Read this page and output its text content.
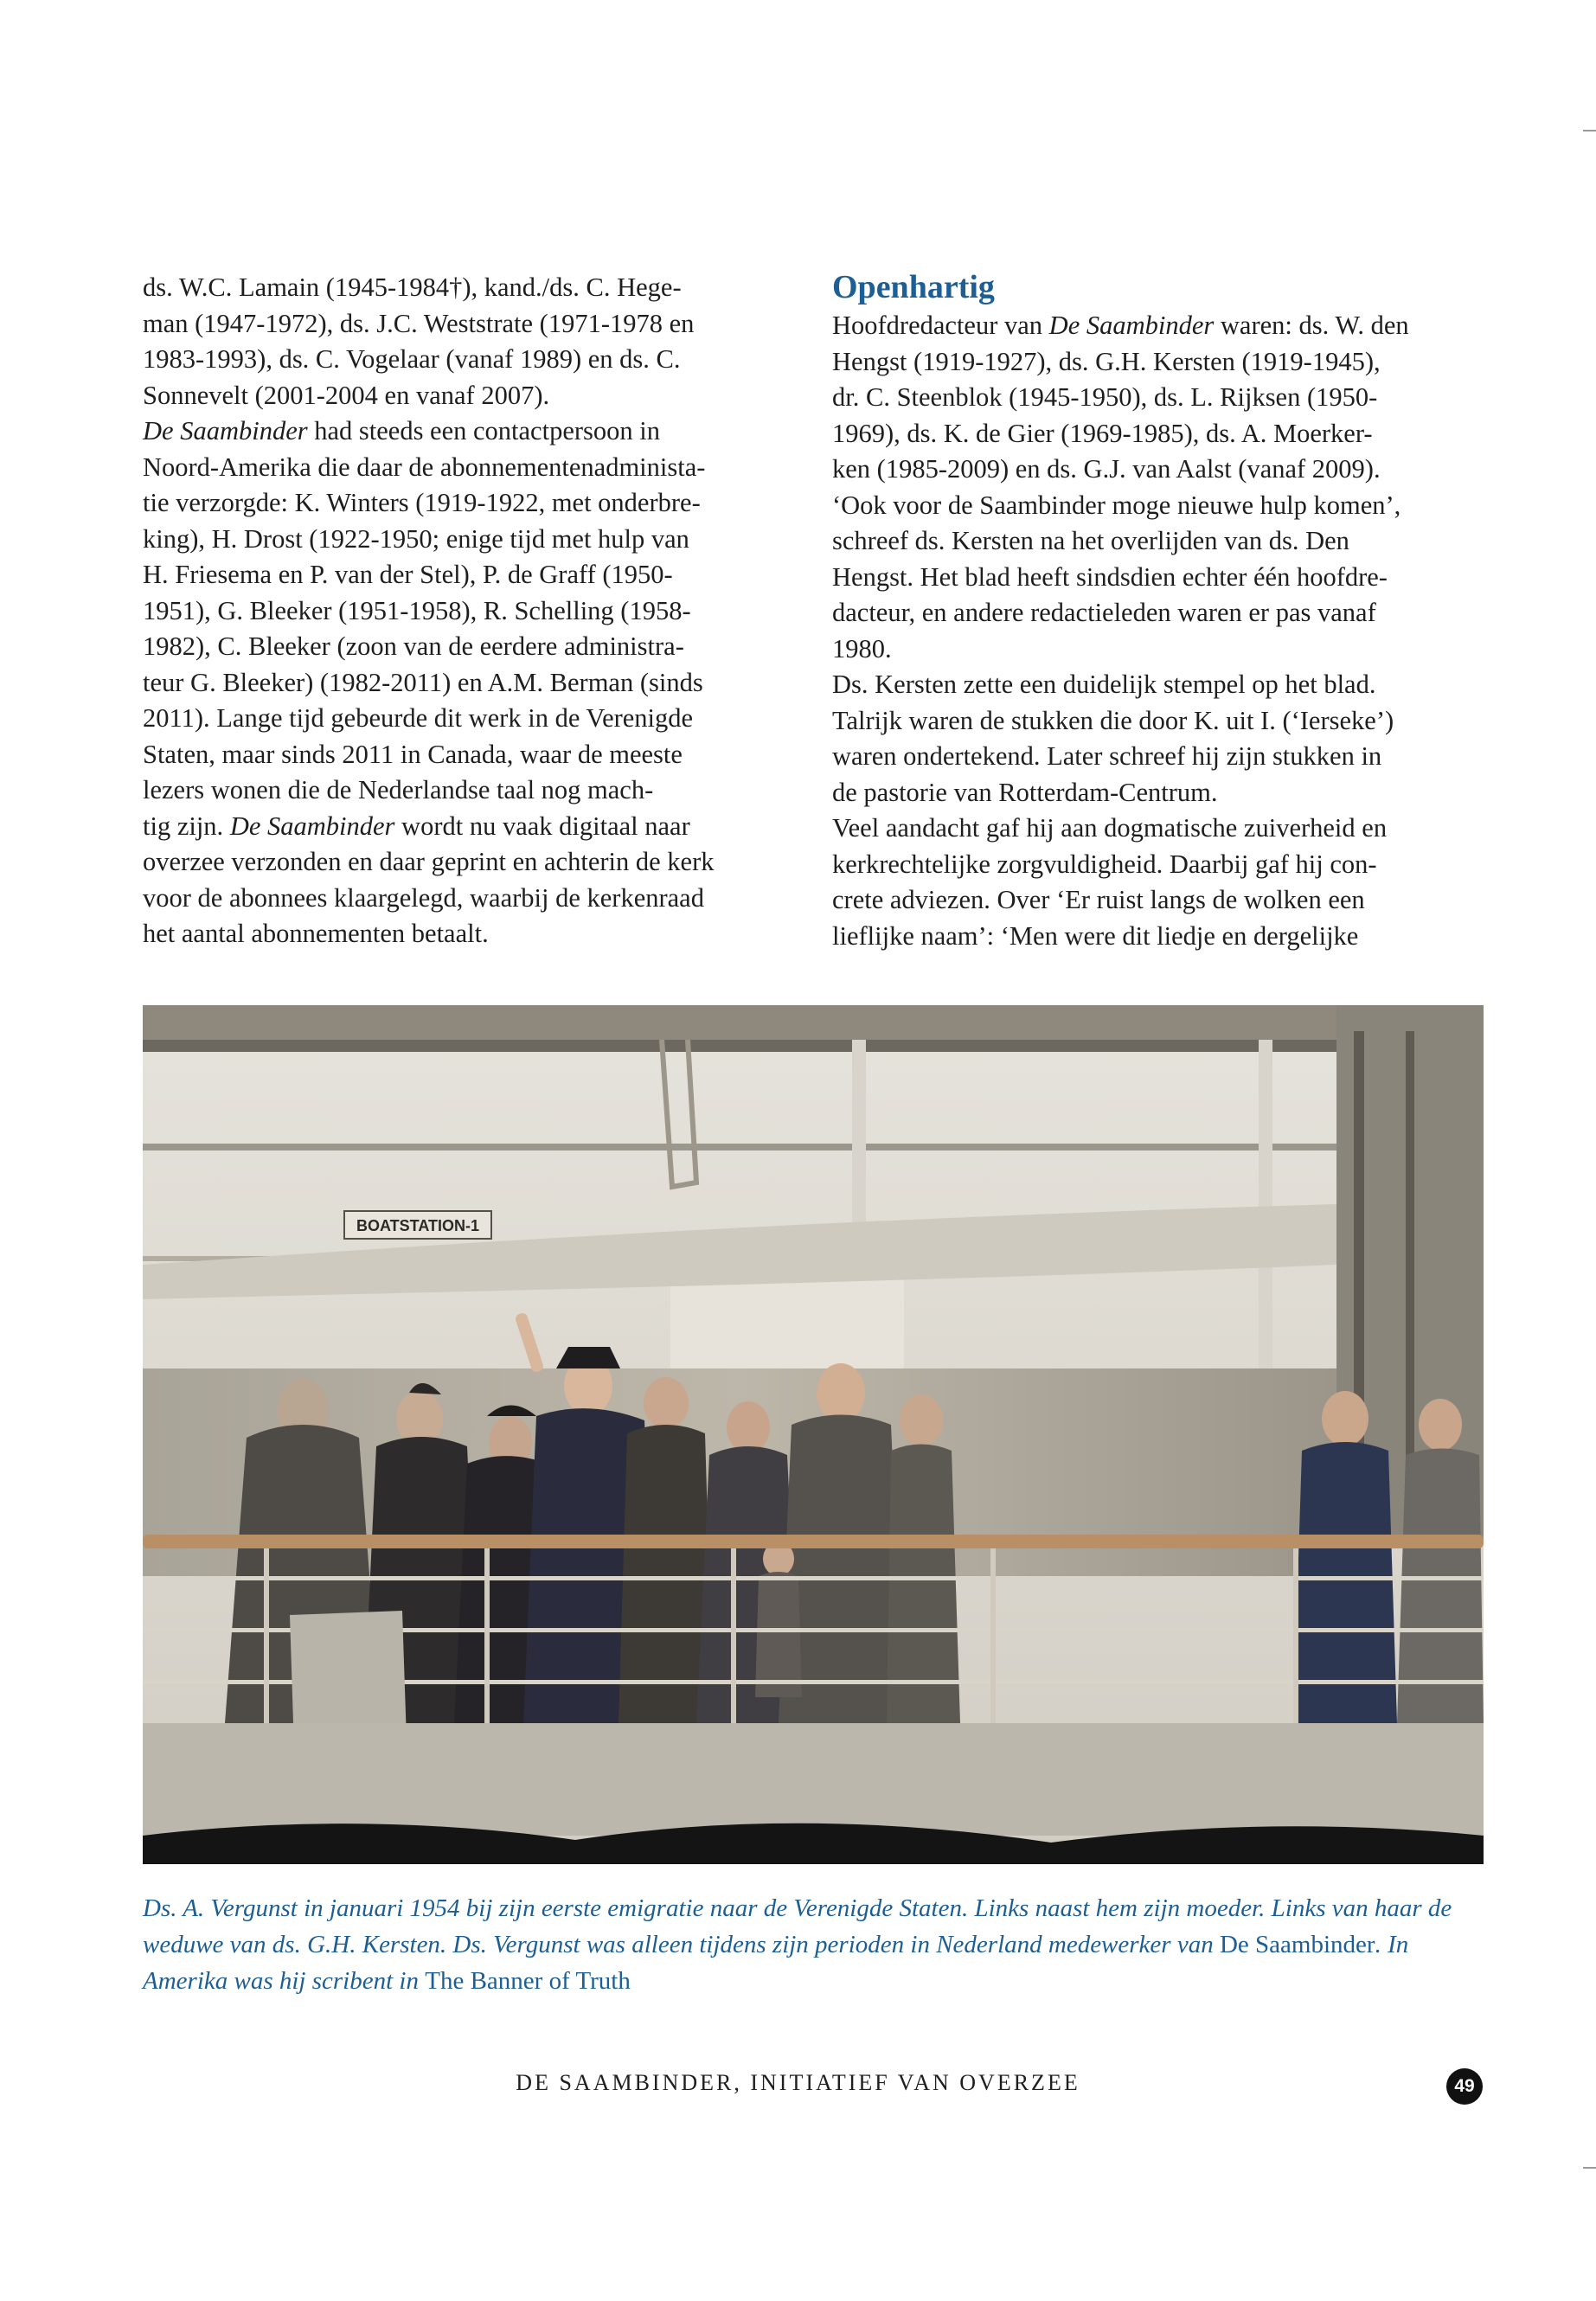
ds. W.C. Lamain (1945-1984†), kand./ds. C. Hege-

man (1947-1972), ds. J.C. Weststrate (1971-1978 en

1983-1993), ds. C. Vogelaar (vanaf 1989) en ds. C.

Sonnevelt (2001-2004 en vanaf 2007).

De Saambinder had steeds een contactpersoon in

Noord-Amerika die daar de abonnementenadminista-

tie verzorgde: K. Winters (1919-1922, met onderbre-

king), H. Drost (1922-1950; enige tijd met hulp van

H. Friesema en P. van der Stel), P. de Graff (1950-

1951), G. Bleeker (1951-1958), R. Schelling (1958-

1982), C. Bleeker (zoon van de eerdere administra-

teur G. Bleeker) (1982-2011) en A.M. Berman (sinds

2011). Lange tijd gebeurde dit werk in de Verenigde

Staten, maar sinds 2011 in Canada, waar de meeste

lezers wonen die de Nederlandse taal nog mach-

tig zijn. De Saambinder wordt nu vaak digitaal naar

overzee verzonden en daar geprint en achterin de kerk

voor de abonnees klaargelegd, waarbij de kerkenraad

het aantal abonnementen betaalt.

Openhartig

Hoofdredacteur van De Saambinder waren: ds. W. den

Hengst (1919-1927), ds. G.H. Kersten (1919-1945),

dr. C. Steenblok (1945-1950), ds. L. Rijksen (1950-

1969), ds. K. de Gier (1969-1985), ds. A. Moerker-

ken (1985-2009) en ds. G.J. van Aalst (vanaf 2009).

‘Ook voor de Saambinder moge nieuwe hulp komen’,

schreef ds. Kersten na het overlijden van ds. Den

Hengst. Het blad heeft sindsdien echter één hoofdre-

dacteur, en andere redactieleden waren er pas vanaf

1980.

Ds. Kersten zette een duidelijk stempel op het blad.

Talrijk waren de stukken die door K. uit I. (‘Ierseke’)

waren ondertekend. Later schreef hij zijn stukken in

de pastorie van Rotterdam-Centrum.

Veel aandacht gaf hij aan dogmatische zuiverheid en

kerkrechtelijke zorgvuldigheid. Daarbij gaf hij con-

crete adviezen. Over ‘Er ruist langs de wolken een

lieflijke naam’: ‘Men were dit liedje en dergelijke

BOATSTATION-1
Ds. A. Vergunst in januari 1954 bij zijn eerste emigratie naar de Verenigde Staten. Links naast hem zijn moeder. Links van haar de weduwe van ds. G.H. Kersten. Ds. Vergunst was alleen tijdens zijn perioden in Nederland medewerker van De Saambinder. In Amerika was hij scribent in The Banner of Truth
DE SAAMBINDER, INITIATIEF VAN OVERZEE	49
